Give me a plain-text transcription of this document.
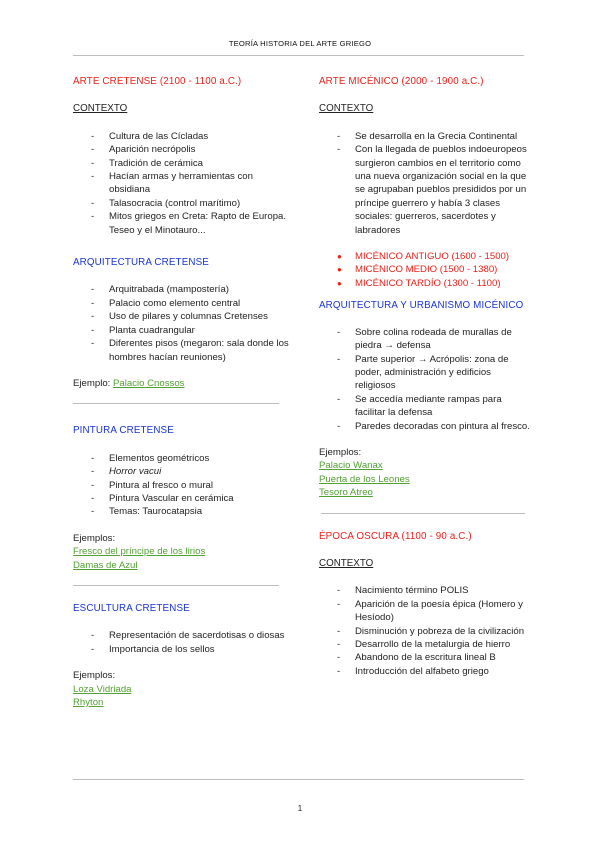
TEORÍA HISTORIA DEL ARTE GRIEGO

ARTE CRETENSE (2100 - 1100 a.C.)

CONTEXTO

- Cultura de las Cícladas
- Aparición necrópolis
- Tradición de cerámica
- Hacían armas y herramientas con obsidiana
- Talasocracia (control marítimo)
- Mitos griegos en Creta: Rapto de Europa. Teseo y el Minotauro...

ARQUITECTURA CRETENSE

- Arquitrabada (mampostería)
- Palacio como elemento central
- Uso de pilares y columnas Cretenses
- Planta cuadrangular
- Diferentes pisos (megaron: sala donde los hombres hacían reuniones)

Ejemplo: Palacio Cnossos

PINTURA CRETENSE

- Elementos geométricos
- Horror vacui
- Pintura al fresco o mural
- Pintura Vascular en cerámica
- Temas: Taurocatapsia

Ejemplos:

Fresco del príncipe de los lirios
Damas de Azul

ESCULTURA CRETENSE

- Representación de sacerdotisas o diosas
- Importancia de los sellos

Ejemplos:

Loza Vidriada
Rhyton

ARTE MICÉNICO (2000 - 1900 a.C.)

CONTEXTO

- Se desarrolla en la Grecia Continental
- Con la llegada de pueblos indoeuropeos surgieron cambios en el territorio como una nueva organización social en la que se agrupaban pueblos presididos por un príncipe guerrero y había 3 clases sociales: guerreros, sacerdotes y labradores
● MICÉNICO ANTIGUO (1600 - 1500)
● MICÉNICO MEDIO (1500 - 1380)
● MICÉNICO TARDÍO (1300 - 1100)

ARQUITECTURA Y URBANISMO MICÉNICO

- Sobre colina rodeada de murallas de piedra → defensa
- Parte superior → Acrópolis: zona de poder, administración y edificios religiosos
- Se accedía mediante rampas para facilitar la defensa
- Paredes decoradas con pintura al fresco.

Ejemplos:

Palacio Wanax
Puerta de los Leones
Tesoro Atreo

ÉPOCA OSCURA (1100 - 90 a.C.)

CONTEXTO

- Nacimiento término POLIS
- Aparición de la poesía épica (Homero y Hesíodo)
- Disminución y pobreza de la civilización
- Desarrollo de la metalurgia de hierro
- Abandono de la escritura lineal B
- Introducción del alfabeto griego
1
